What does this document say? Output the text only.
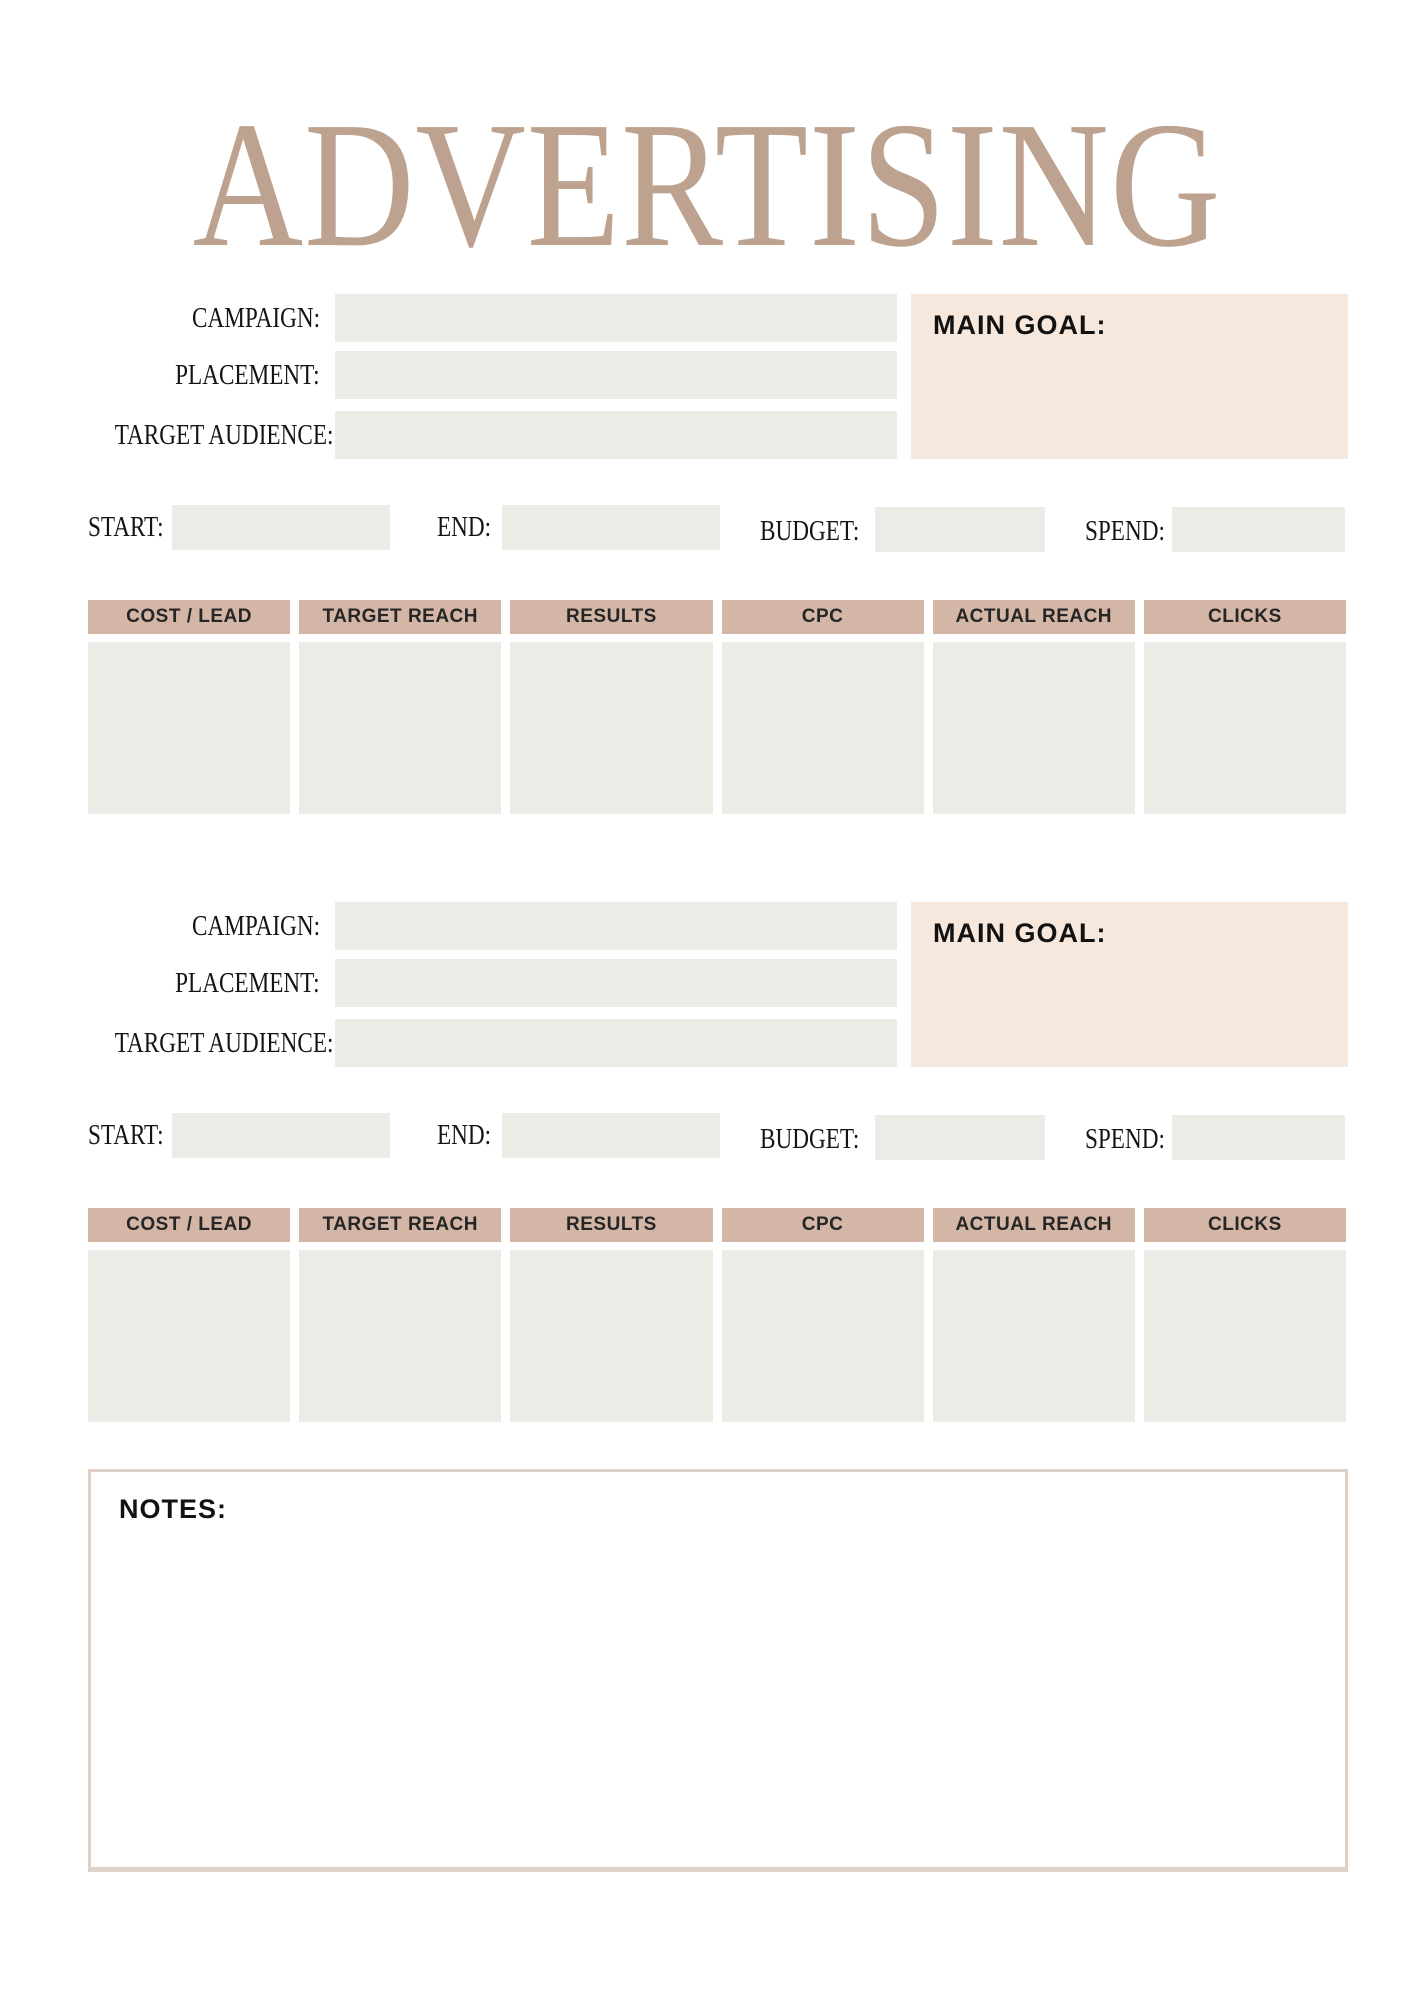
ADVERTISING
CAMPAIGN:
PLACEMENT:
TARGET AUDIENCE:
MAIN GOAL:
START:	END:	BUDGET:	SPEND:
COST / LEAD	TARGET REACH	RESULTS	CPC	ACTUAL REACH	CLICKS
CAMPAIGN:
PLACEMENT:
TARGET AUDIENCE:
MAIN GOAL:
START:	END:	BUDGET:	SPEND:
COST / LEAD	TARGET REACH	RESULTS	CPC	ACTUAL REACH	CLICKS
NOTES:
